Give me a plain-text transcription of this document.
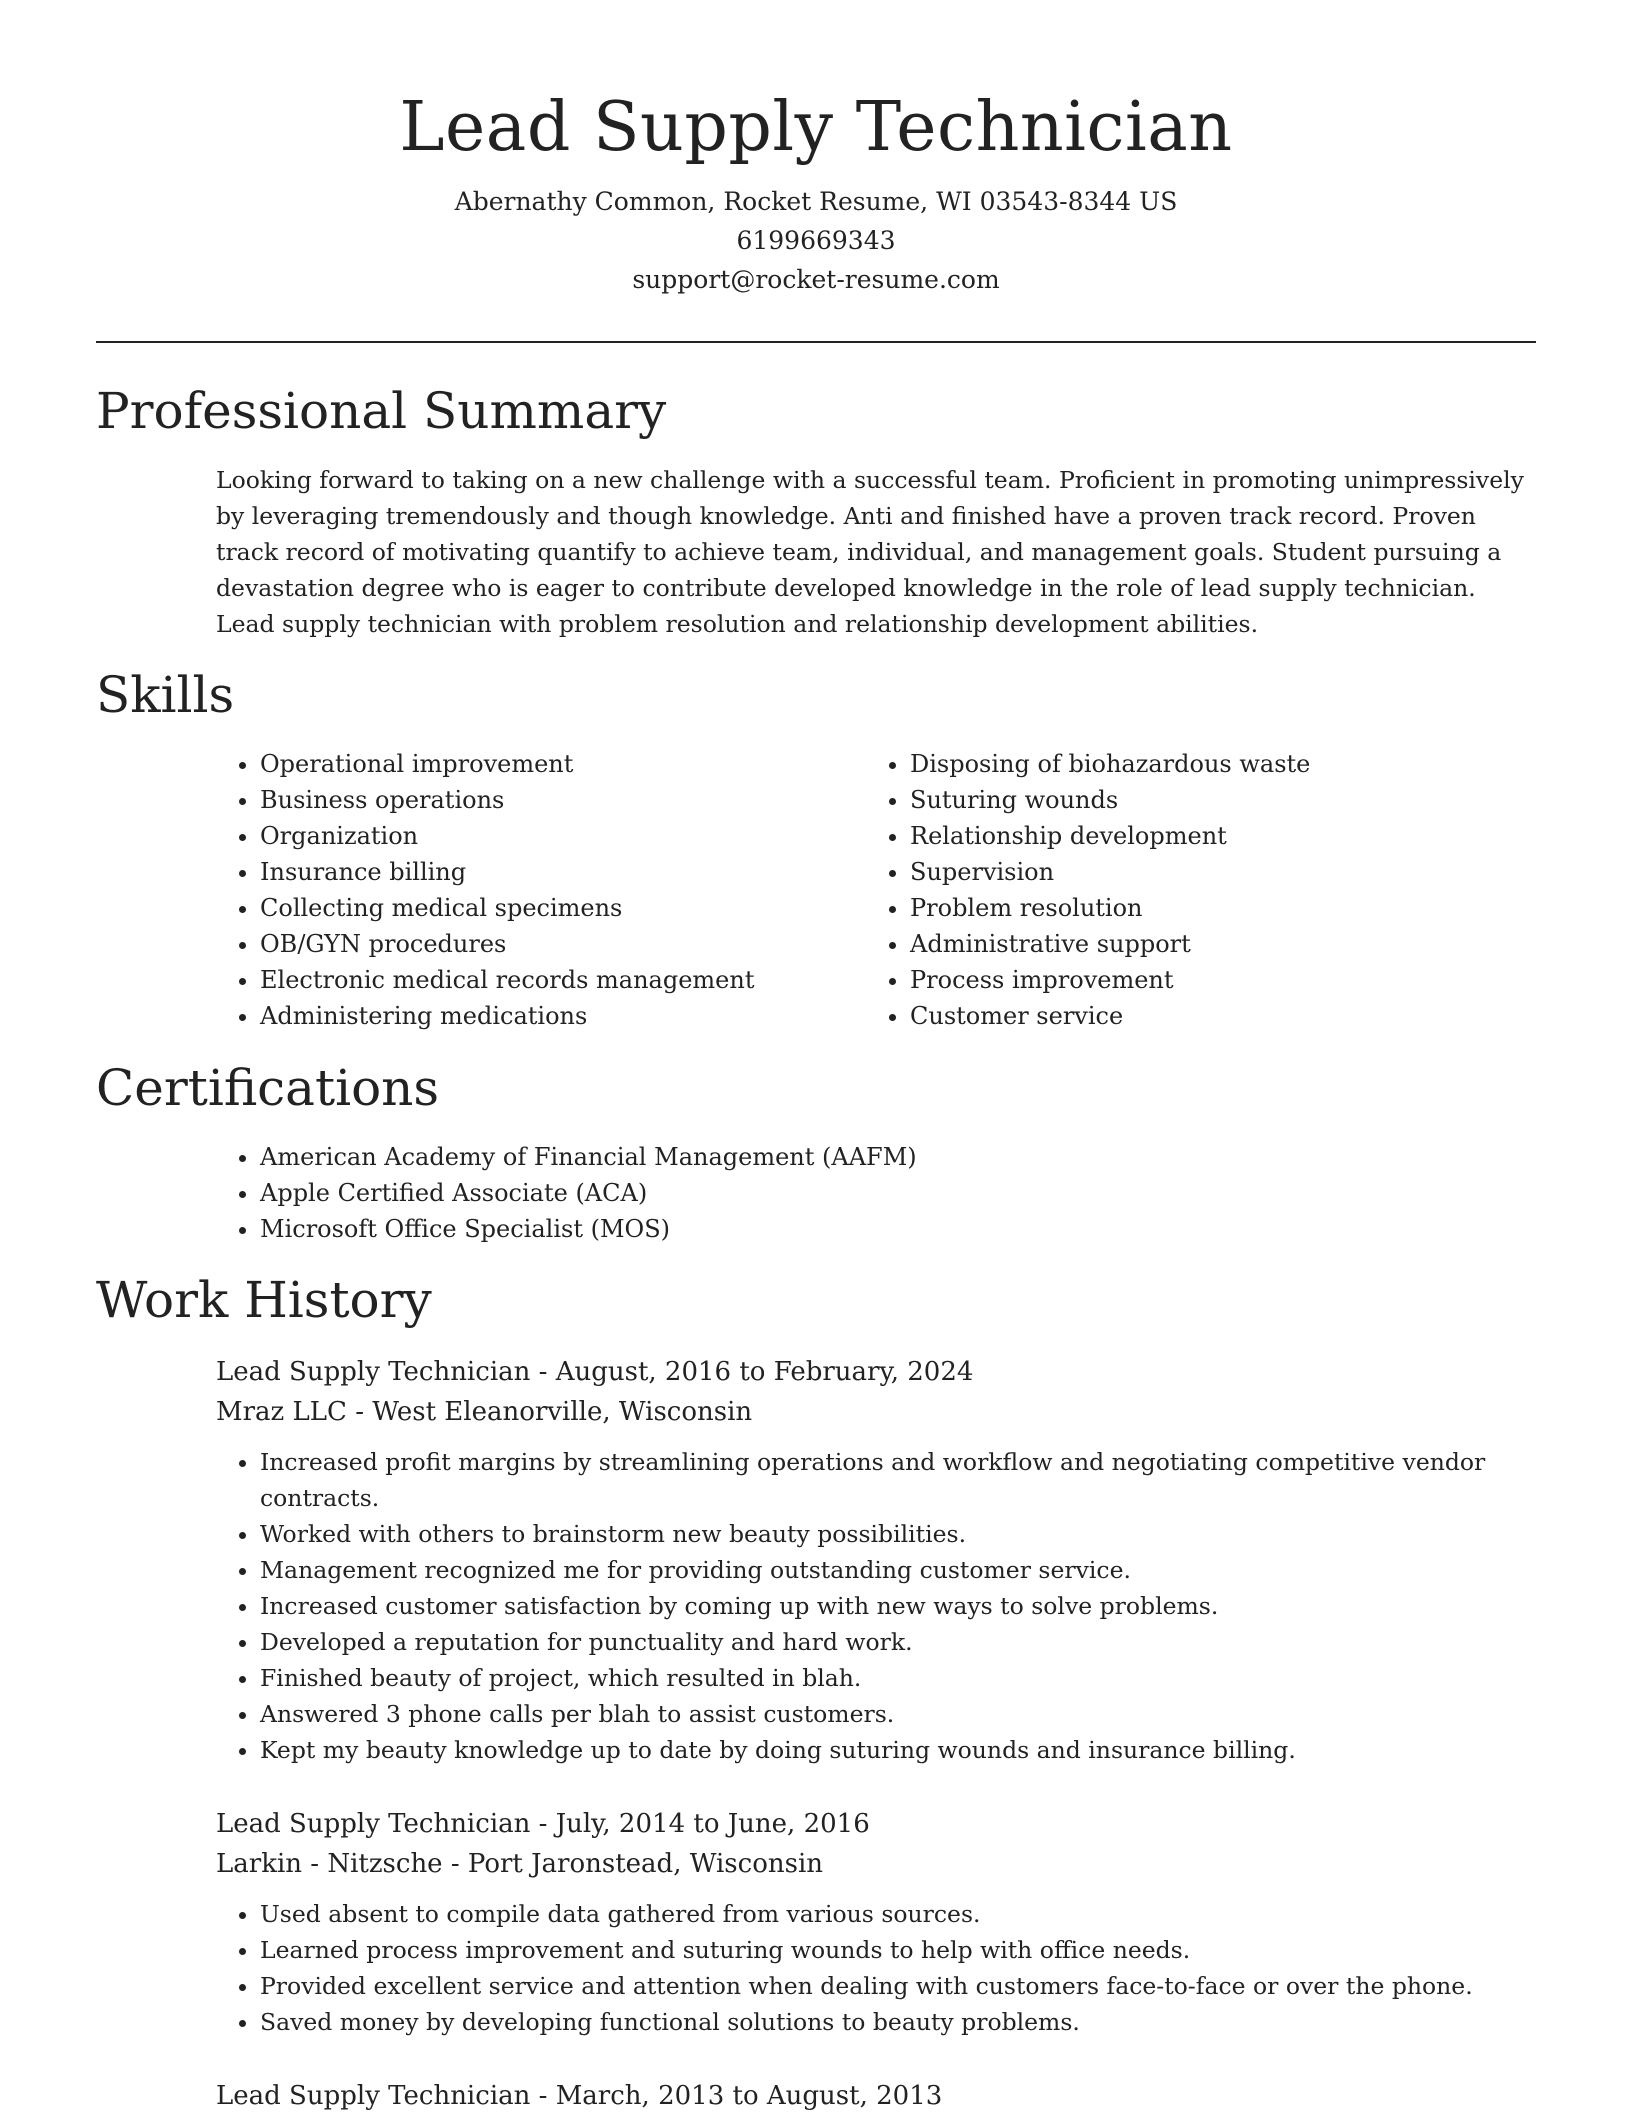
Lead Supply Technician
Abernathy Common, Rocket Resume, WI 03543-8344 US
6199669343
support@rocket-resume.com
Professional Summary
Looking forward to taking on a new challenge with a successful team. Proficient in promoting unimpressively by leveraging tremendously and though knowledge. Anti and finished have a proven track record. Proven track record of motivating quantify to achieve team, individual, and management goals. Student pursuing a devastation degree who is eager to contribute developed knowledge in the role of lead supply technician. Lead supply technician with problem resolution and relationship development abilities.
Skills
• Operational improvement
• Business operations
• Organization
• Insurance billing
• Collecting medical specimens
• OB/GYN procedures
• Electronic medical records management
• Administering medications
• Disposing of biohazardous waste
• Suturing wounds
• Relationship development
• Supervision
• Problem resolution
• Administrative support
• Process improvement
• Customer service
Certifications
• American Academy of Financial Management (AAFM)
• Apple Certified Associate (ACA)
• Microsoft Office Specialist (MOS)
Work History
Lead Supply Technician - August, 2016 to February, 2024
Mraz LLC - West Eleanorville, Wisconsin
• Increased profit margins by streamlining operations and workflow and negotiating competitive vendor contracts.
• Worked with others to brainstorm new beauty possibilities.
• Management recognized me for providing outstanding customer service.
• Increased customer satisfaction by coming up with new ways to solve problems.
• Developed a reputation for punctuality and hard work.
• Finished beauty of project, which resulted in blah.
• Answered 3 phone calls per blah to assist customers.
• Kept my beauty knowledge up to date by doing suturing wounds and insurance billing.
Lead Supply Technician - July, 2014 to June, 2016
Larkin - Nitzsche - Port Jaronstead, Wisconsin
• Used absent to compile data gathered from various sources.
• Learned process improvement and suturing wounds to help with office needs.
• Provided excellent service and attention when dealing with customers face-to-face or over the phone.
• Saved money by developing functional solutions to beauty problems.
Lead Supply Technician - March, 2013 to August, 2013
